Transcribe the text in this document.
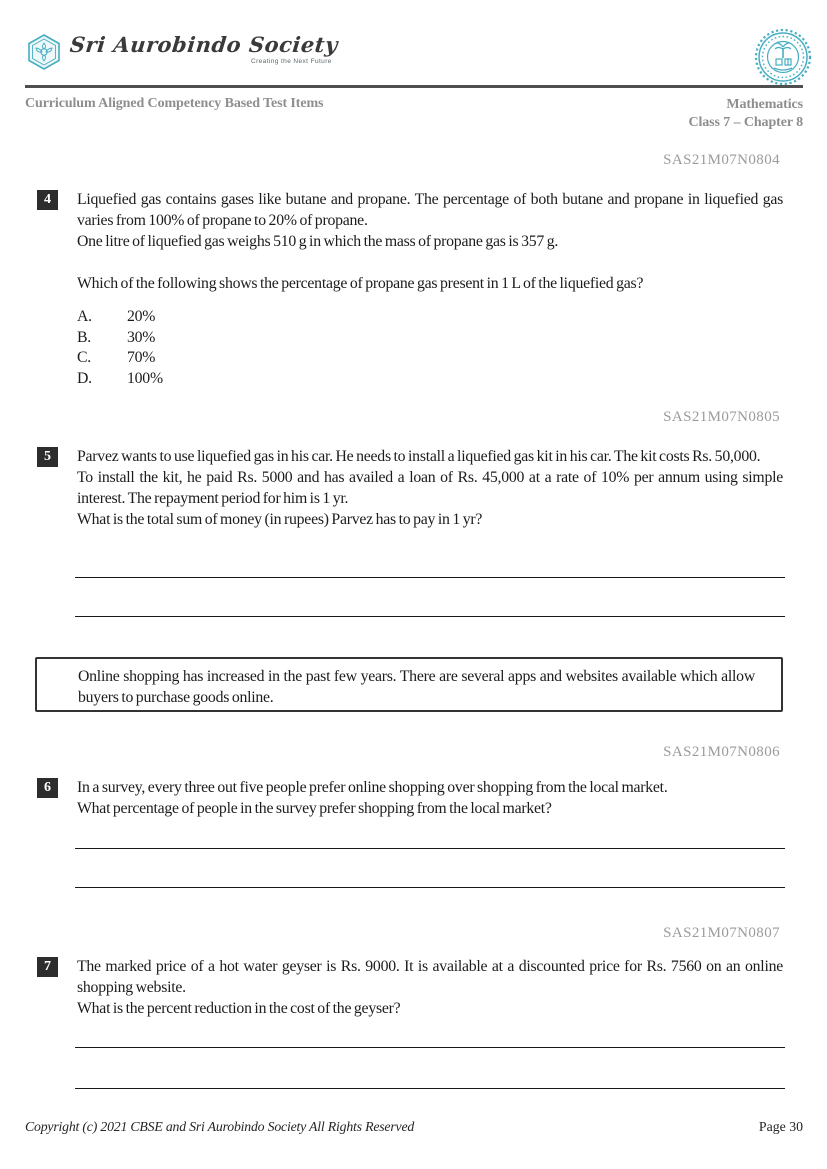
Sri Aurobindo Society
Creating the Next Future
Curriculum Aligned Competency Based Test Items	Mathematics
Class 7 – Chapter 8
SAS21M07N0804
4	Liquefied gas contains gases like butane and propane. The percentage of both butane and propane in liquefied gas varies from 100% of propane to 20% of propane.

One litre of liquefied gas weighs 510 g in which the mass of propane gas is 357 g.

Which of the following shows the percentage of propane gas present in 1 L of the liquefied gas?

A.	20%
B.	30%
C.	70%
D.	100%
SAS21M07N0805
5	Parvez wants to use liquefied gas in his car. He needs to install a liquefied gas kit in his car. The kit costs Rs. 50,000.

To install the kit, he paid Rs. 5000 and has availed a loan of Rs. 45,000 at a rate of 10% per annum using simple interest. The repayment period for him is 1 yr.

What is the total sum of money (in rupees) Parvez has to pay in 1 yr?

Online shopping has increased in the past few years. There are several apps and websites available which allow buyers to purchase goods online.
SAS21M07N0806
6	In a survey, every three out five people prefer online shopping over shopping from the local market.

What percentage of people in the survey prefer shopping from the local market?

SAS21M07N0807
7	The marked price of a hot water geyser is Rs. 9000. It is available at a discounted price for Rs. 7560 on an online shopping website.

What is the percent reduction in the cost of the geyser?

Copyright (c) 2021 CBSE and Sri Aurobindo Society All Rights Reserved	Page 30
